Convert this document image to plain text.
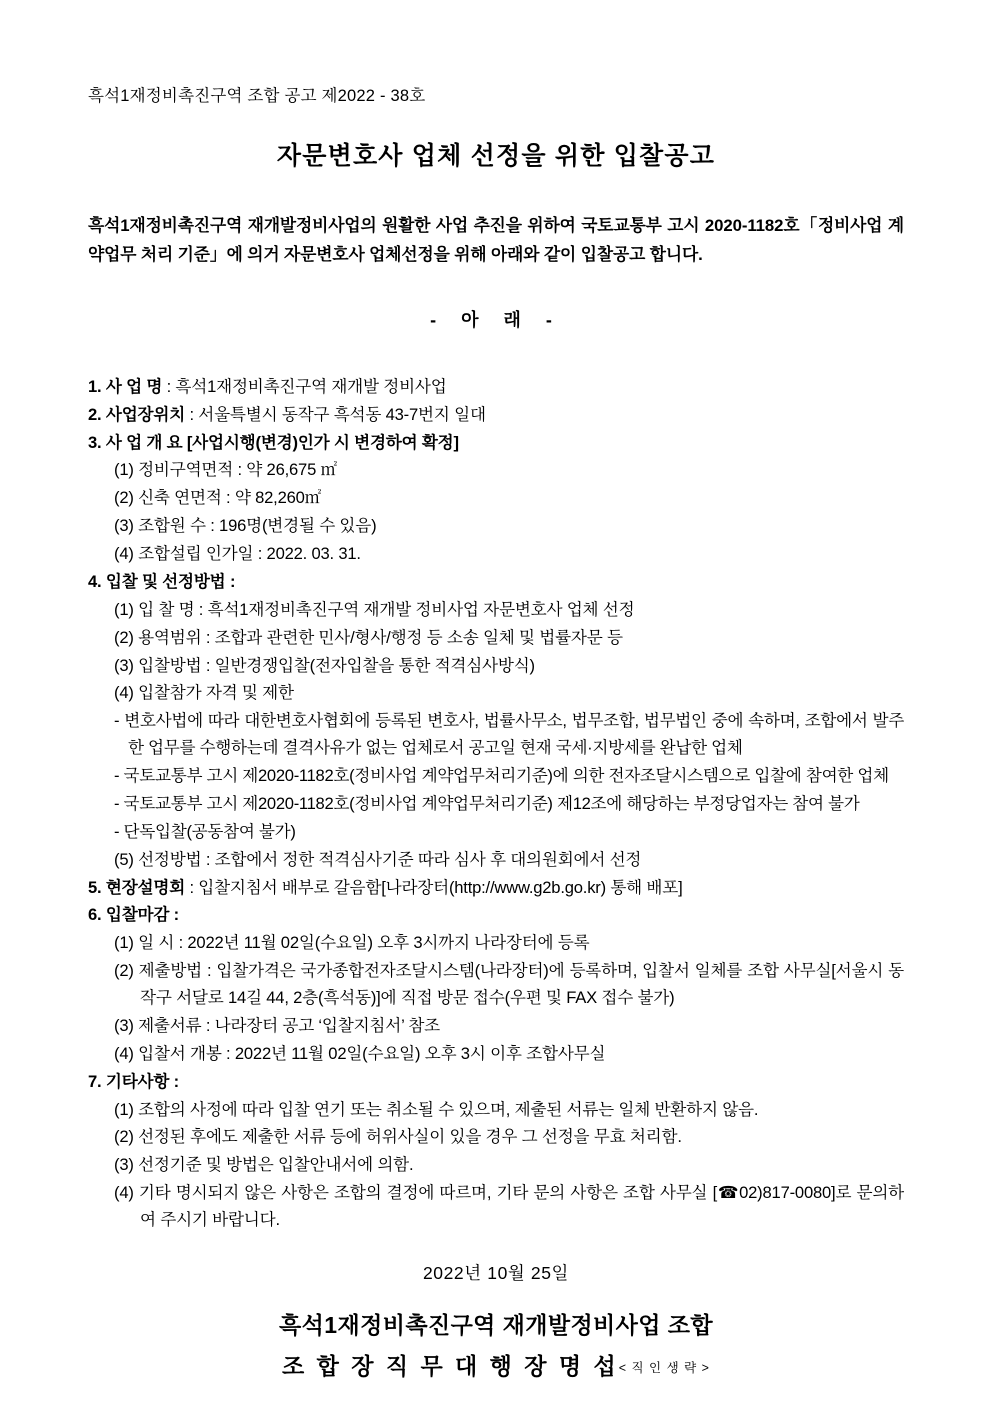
흑석1재정비촉진구역 조합 공고 제2022 - 38호
자문변호사 업체 선정을 위한 입찰공고
흑석1재정비촉진구역 재개발정비사업의 원활한 사업 추진을 위하여 국토교통부 고시 2020-1182호「정비사업 계약업무 처리 기준」에 의거 자문변호사 업체선정을 위해 아래와 같이 입찰공고 합니다.
- 아 래 -
1. 사 업 명 : 흑석1재정비촉진구역 재개발 정비사업
2. 사업장위치 : 서울특별시 동작구 흑석동 43-7번지 일대
3. 사 업 개 요 [사업시행(변경)인가 시 변경하여 확정]
(1) 정비구역면적 : 약 26,675 ㎡
(2) 신축 연면적 : 약 82,260㎡
(3) 조합원 수 : 196명(변경될 수 있음)
(4) 조합설립 인가일 : 2022. 03. 31.
4. 입찰 및 선정방법 :
(1) 입 찰 명 : 흑석1재정비촉진구역 재개발 정비사업 자문변호사 업체 선정
(2) 용역범위 : 조합과 관련한 민사/형사/행정 등 소송 일체 및 법률자문 등
(3) 입찰방법 : 일반경쟁입찰(전자입찰을 통한 적격심사방식)
(4) 입찰참가 자격 및 제한
- 변호사법에 따라 대한변호사협회에 등록된 변호사, 법률사무소, 법무조합, 법무법인 중에 속하며, 조합에서 발주한 업무를 수행하는데 결격사유가 없는 업체로서 공고일 현재 국세·지방세를 완납한 업체
- 국토교통부 고시 제2020-1182호(정비사업 계약업무처리기준)에 의한 전자조달시스템으로 입찰에 참여한 업체
- 국토교통부 고시 제2020-1182호(정비사업 계약업무처리기준) 제12조에 해당하는 부정당업자는 참여 불가
- 단독입찰(공동참여 불가)
(5) 선정방법 : 조합에서 정한 적격심사기준 따라 심사 후 대의원회에서 선정
5. 현장설명회 : 입찰지침서 배부로 갈음함[나라장터(http://www.g2b.go.kr) 통해 배포]
6. 입찰마감 :
(1) 일 시 : 2022년 11월 02일(수요일) 오후 3시까지 나라장터에 등록
(2) 제출방법 : 입찰가격은 국가종합전자조달시스템(나라장터)에 등록하며, 입찰서 일체를 조합 사무실[서울시 동작구 서달로 14길 44, 2층(흑석동)]에 직접 방문 접수(우편 및 FAX 접수 불가)
(3) 제출서류 : 나라장터 공고 ‘입찰지침서’ 참조
(4) 입찰서 개봉 : 2022년 11월 02일(수요일) 오후 3시 이후 조합사무실
7. 기타사항 :
(1) 조합의 사정에 따라 입찰 연기 또는 취소될 수 있으며, 제출된 서류는 일체 반환하지 않음.
(2) 선정된 후에도 제출한 서류 등에 허위사실이 있을 경우 그 선정을 무효 처리함.
(3) 선정기준 및 방법은 입찰안내서에 의함.
(4) 기타 명시되지 않은 사항은 조합의 결정에 따르며, 기타 문의 사항은 조합 사무실 [☎02)817-0080]로 문의하여 주시기 바랍니다.
2022년 10월 25일
흑석1재정비촉진구역 재개발정비사업 조합
조 합 장 직 무 대 행 장 명 섭< 직 인 생 략 >
